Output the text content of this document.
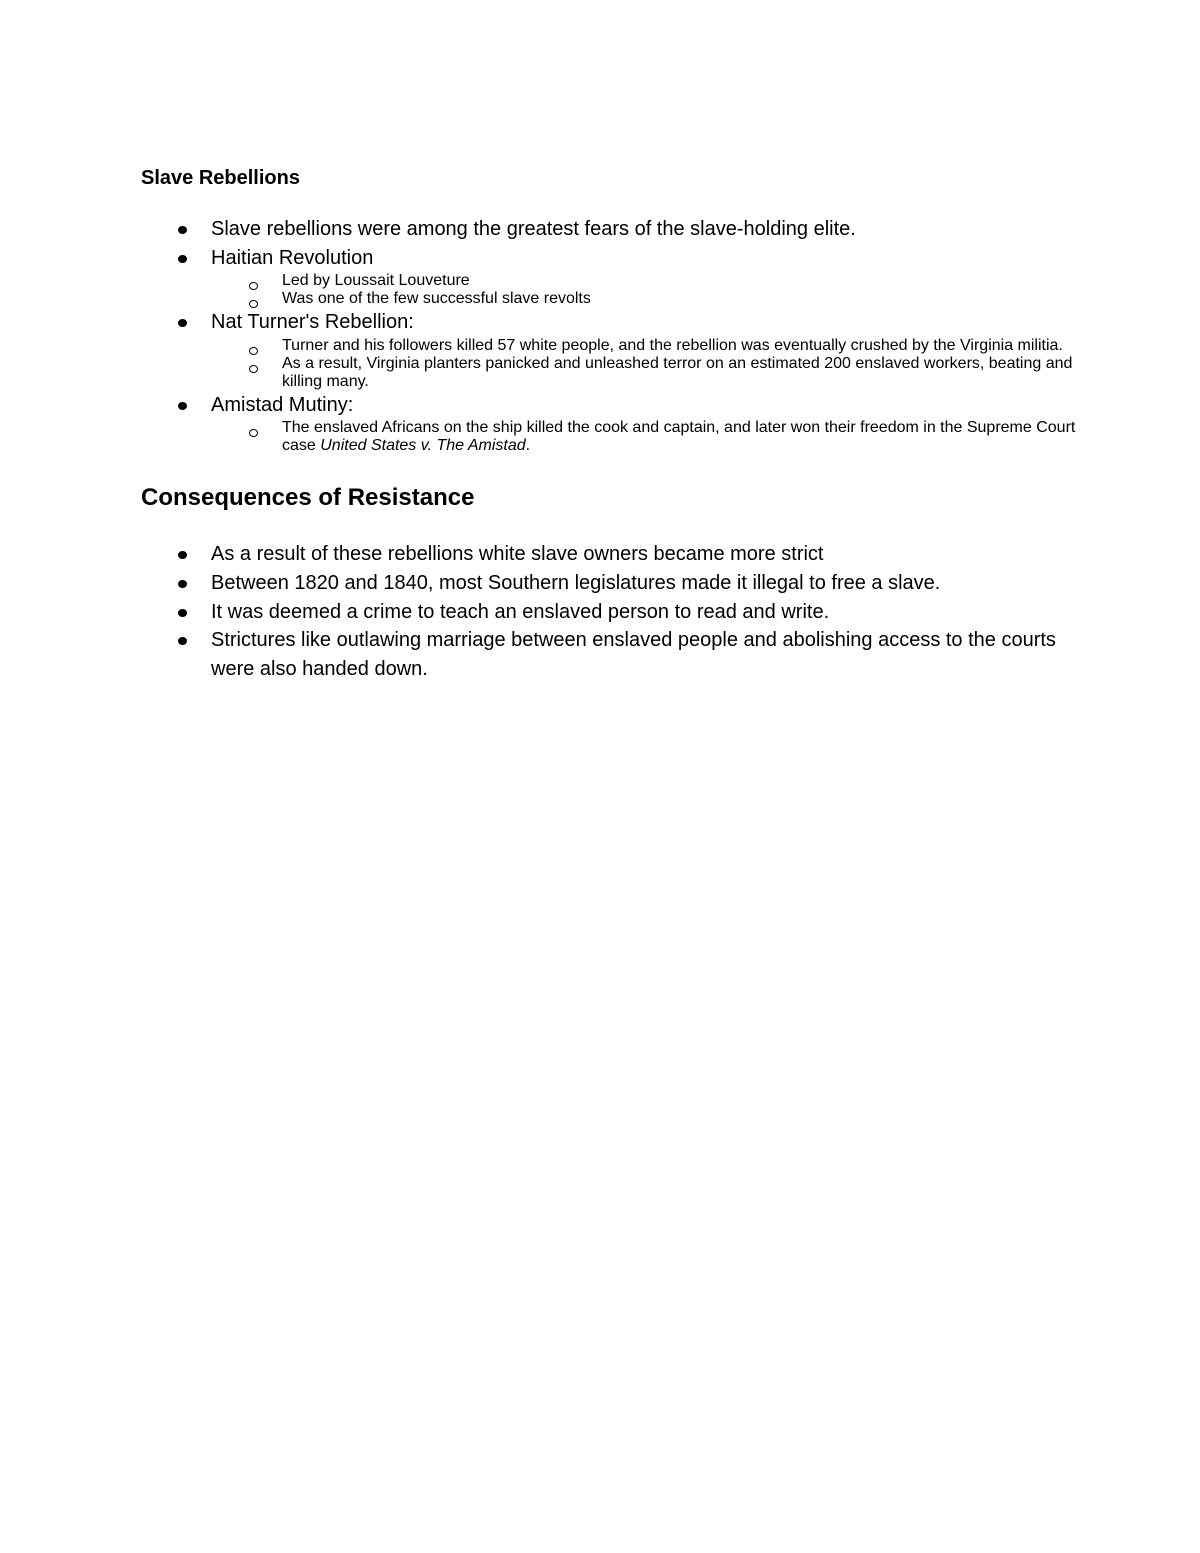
Slave Rebellions
Slave rebellions were among the greatest fears of the slave-holding elite.
Haitian Revolution
Led by Loussait Louveture
Was one of the few successful slave revolts
Nat Turner's Rebellion:
Turner and his followers killed 57 white people, and the rebellion was eventually crushed by the Virginia militia.
As a result, Virginia planters panicked and unleashed terror on an estimated 200 enslaved workers, beating and killing many.
Amistad Mutiny:
The enslaved Africans on the ship killed the cook and captain, and later won their freedom in the Supreme Court case United States v. The Amistad.
Consequences of Resistance
As a result of these rebellions white slave owners became more strict
Between 1820 and 1840, most Southern legislatures made it illegal to free a slave.
It was deemed a crime to teach an enslaved person to read and write.
Strictures like outlawing marriage between enslaved people and abolishing access to the courts were also handed down.
